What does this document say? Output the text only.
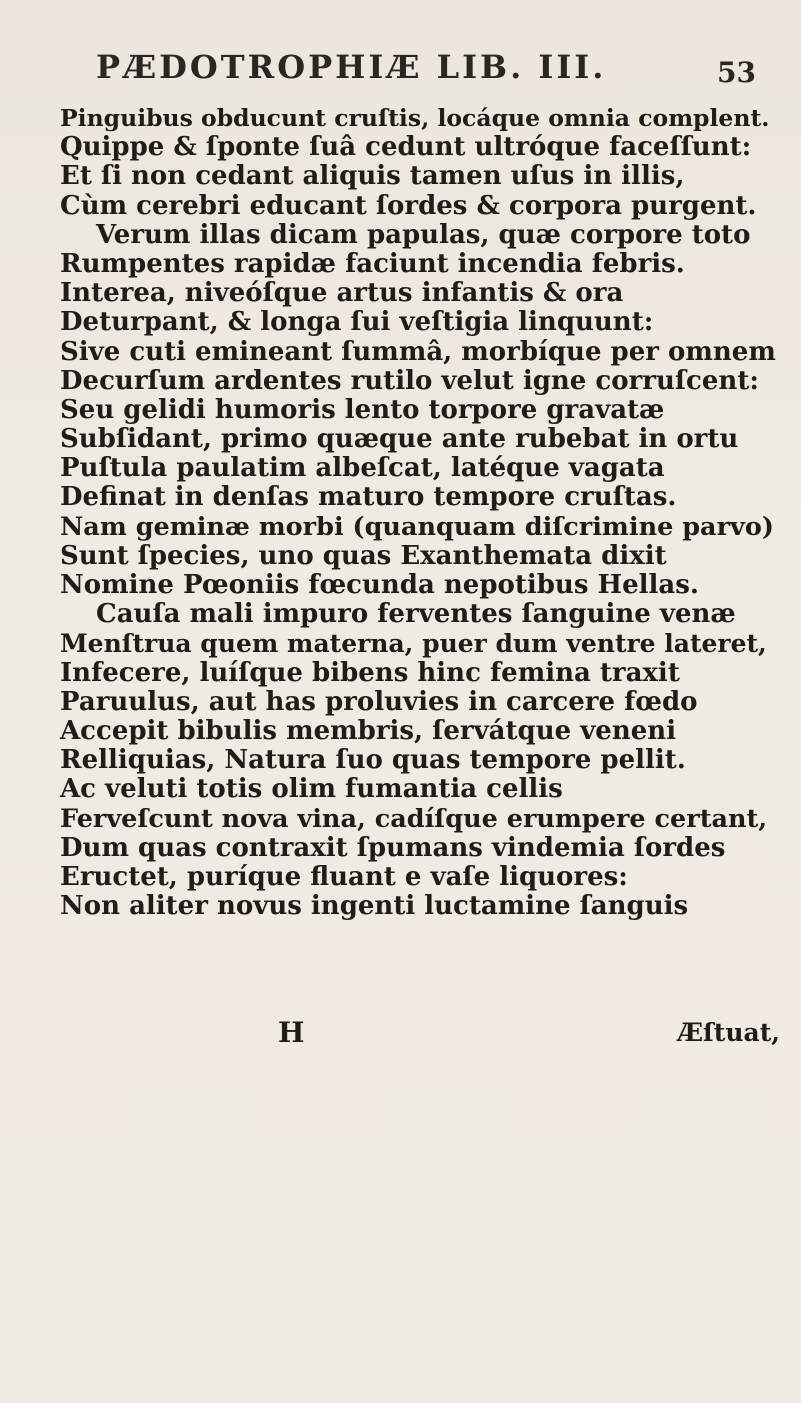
PÆDOTROPHIÆ LIB. III.	53
Pinguibus obducunt cruſtis, locáque omnia complent.
Quippe & ſponte ſuâ cedunt ultróque faceſſunt:
Et ſi non cedant aliquis tamen uſus in illis,
Cùm cerebri educant ſordes & corpora purgent.
Verum illas dicam papulas, quæ corpore toto
Rumpentes rapidæ faciunt incendia febris.
Interea, niveóſque artus infantis & ora
Deturpant, & longa ſui veſtigia linquunt:
Sive cuti emineant ſummâ, morbíque per omnem
Decurſum ardentes rutilo velut igne corruſcent:
Seu gelidi humoris lento torpore gravatæ
Subſidant, primo quæque ante rubebat in ortu
Puſtula paulatim albeſcat, latéque vagata
Definat in denſas maturo tempore cruſtas.
Nam geminæ morbi (quanquam diſcrimine parvo)
Sunt ſpecies, uno quas Exanthemata dixit
Nomine Pœoniis fœcunda nepotibus Hellas.
Cauſa mali impuro ferventes ſanguine venæ
Menſtrua quem materna, puer dum ventre lateret,
Infecere, luíſque bibens hinc femina traxit
Paruulus, aut has proluvies in carcere fœdo
Accepit bibulis membris, ſervátque veneni
Relliquias, Natura ſuo quas tempore pellit.
Ac veluti totis olim fumantia cellis
Ferveſcunt nova vina, cadíſque erumpere certant,
Dum quas contraxit ſpumans vindemia ſordes
Eructet, puríque fluant e vaſe liquores:
Non aliter novus ingenti luctamine ſanguis
H	Æſtuat,
